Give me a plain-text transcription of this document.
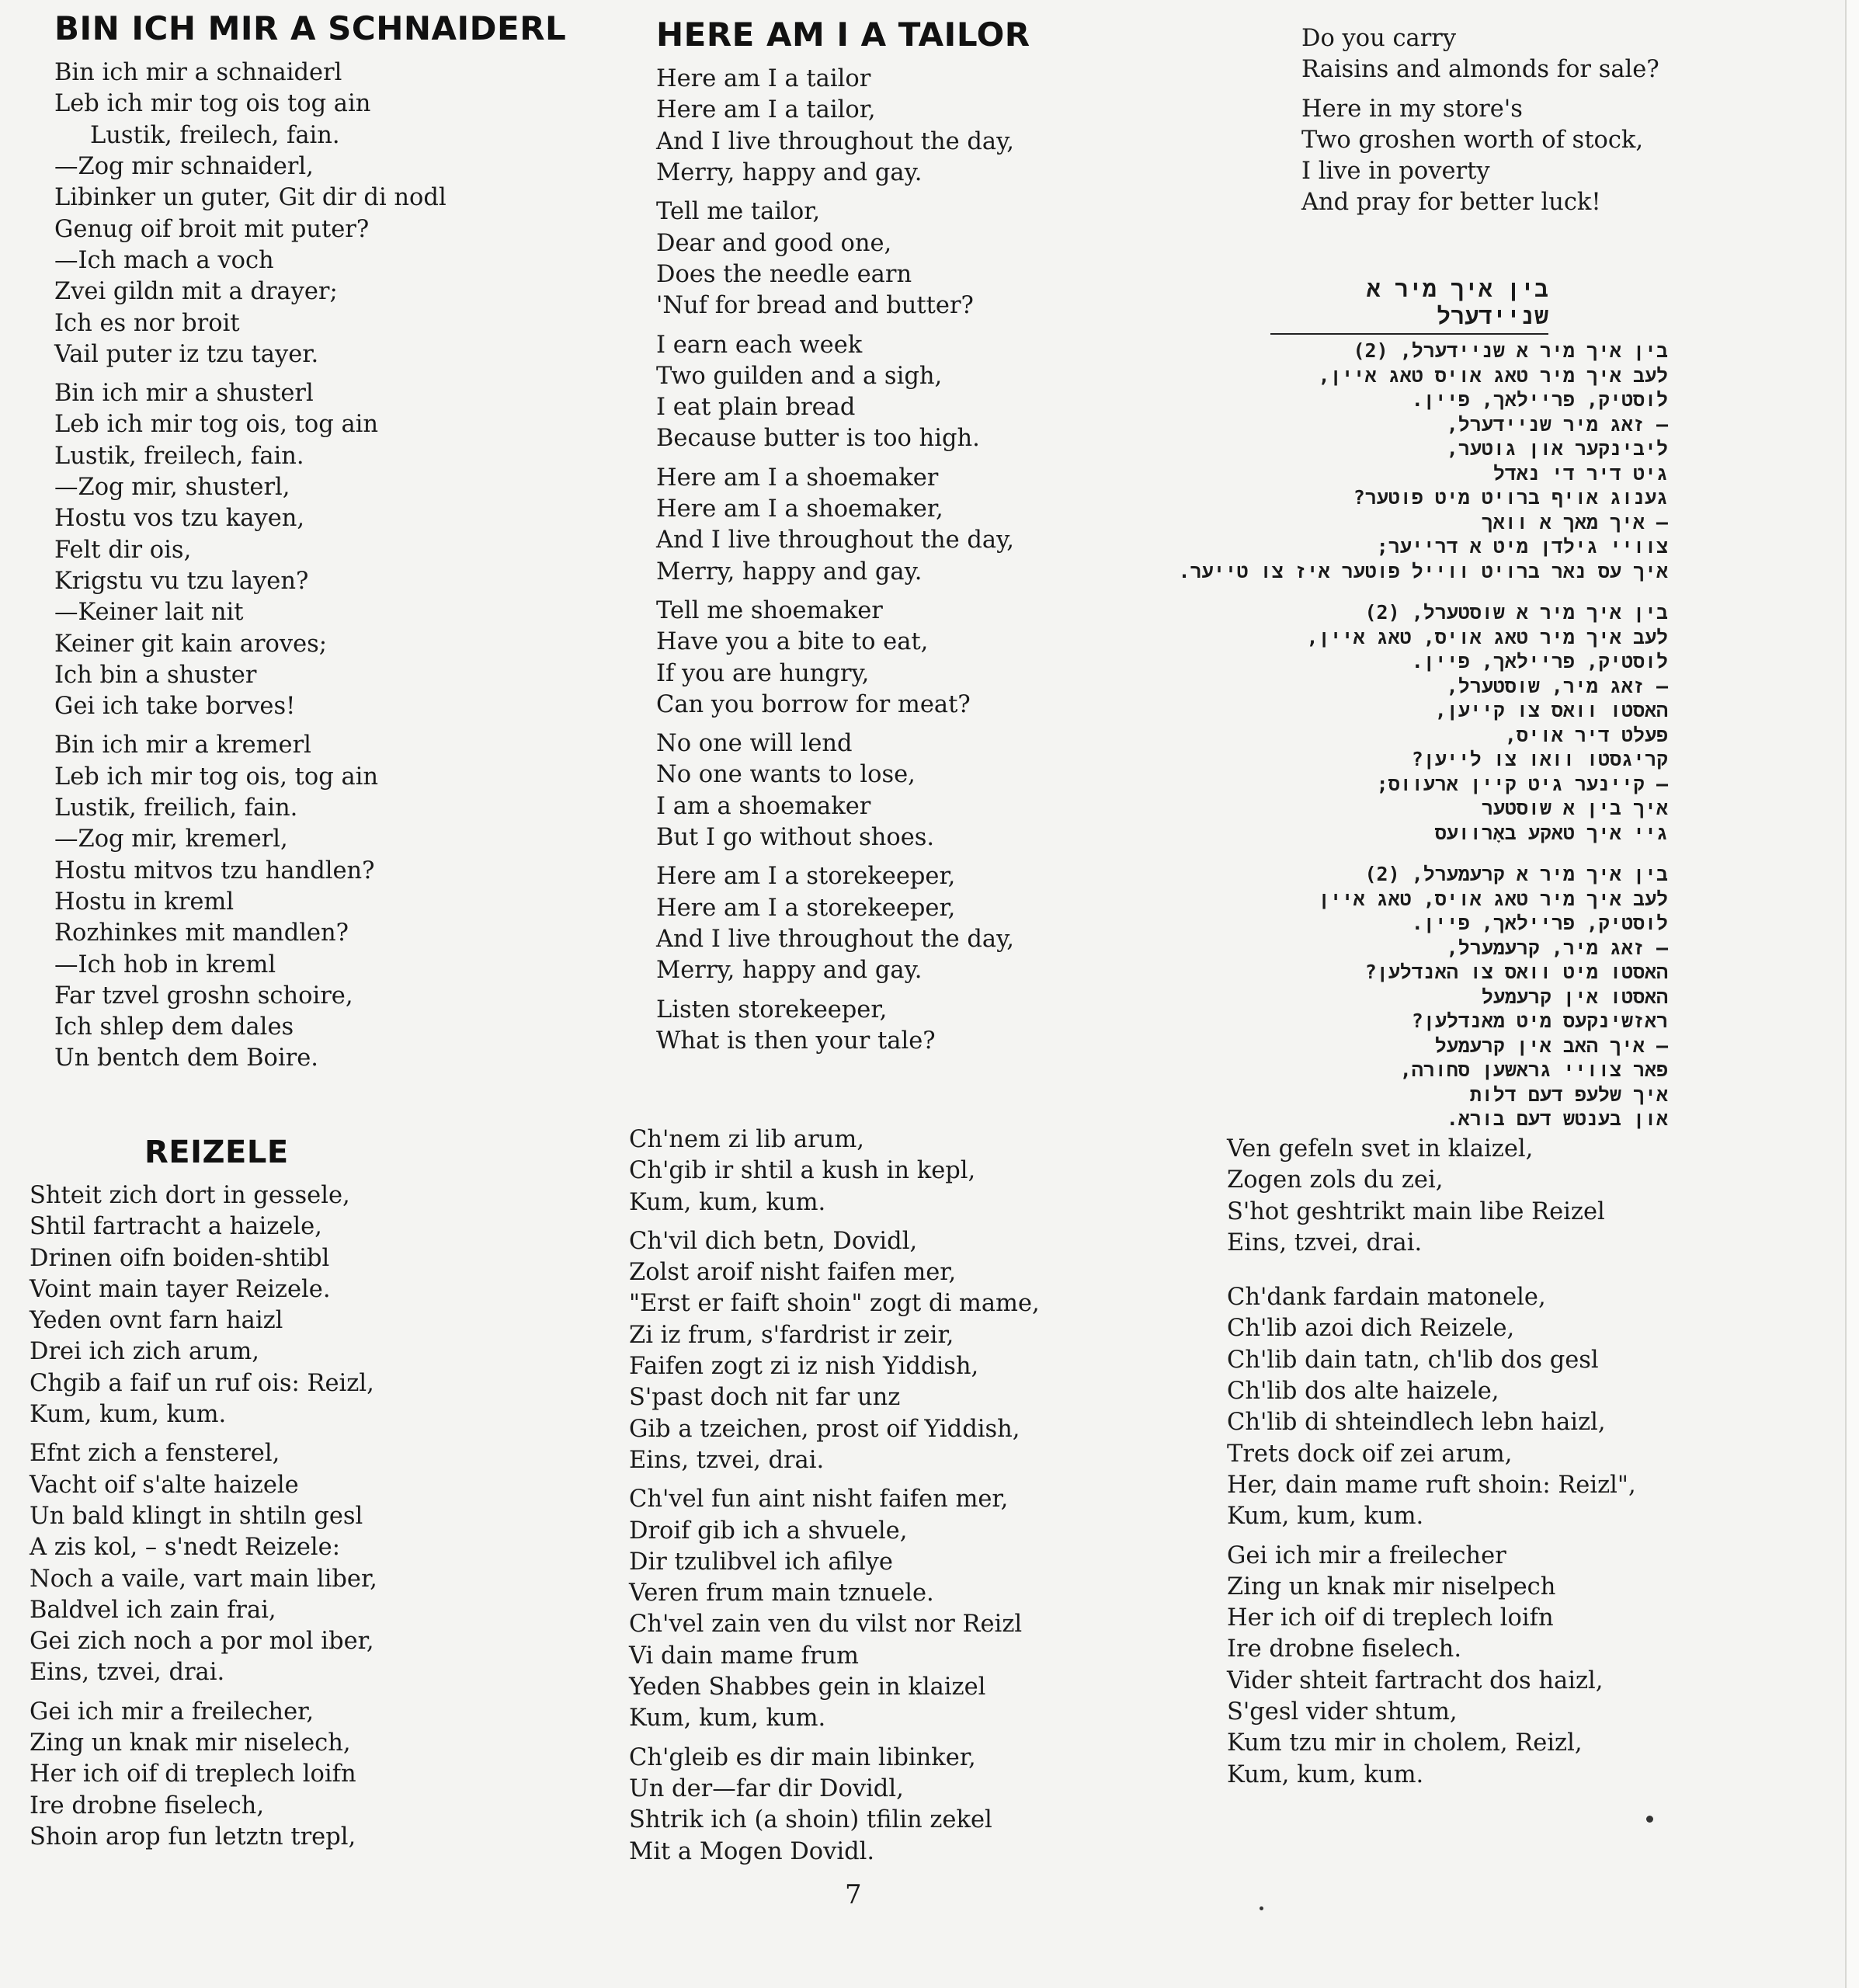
BIN ICH MIR A SCHNAIDERL
Bin ich mir a schnaiderl
Leb ich mir tog ois tog ain
Lustik, freilech, fain.
—Zog mir schnaiderl,
Libinker un guter, Git dir di nodl
Genug oif broit mit puter?
—Ich mach a voch
Zvei gildn mit a drayer;
Ich es nor broit
Vail puter iz tzu tayer.
Bin ich mir a shusterl
Leb ich mir tog ois, tog ain
Lustik, freilech, fain.
—Zog mir, shusterl,
Hostu vos tzu kayen,
Felt dir ois,
Krigstu vu tzu layen?
—Keiner lait nit
Keiner git kain aroves;
Ich bin a shuster
Gei ich take borves!
Bin ich mir a kremerl
Leb ich mir tog ois, tog ain
Lustik, freilich, fain.
—Zog mir, kremerl,
Hostu mitvos tzu handlen?
Hostu in kreml
Rozhinkes mit mandlen?
—Ich hob in kreml
Far tzvel groshn schoire,
Ich shlep dem dales
Un bentch dem Boire.
HERE AM I A TAILOR
Here am I a tailor
Here am I a tailor,
And I live throughout the day,
Merry, happy and gay.
Tell me tailor,
Dear and good one,
Does the needle earn
'Nuf for bread and butter?
I earn each week
Two guilden and a sigh,
I eat plain bread
Because butter is too high.
Here am I a shoemaker
Here am I a shoemaker,
And I live throughout the day,
Merry, happy and gay.
Tell me shoemaker
Have you a bite to eat,
If you are hungry,
Can you borrow for meat?
No one will lend
No one wants to lose,
I am a shoemaker
But I go without shoes.
Here am I a storekeeper,
Here am I a storekeeper,
And I live throughout the day,
Merry, happy and gay.
Listen storekeeper,
What is then your tale?
Do you carry
Raisins and almonds for sale?
Here in my store's
Two groshen worth of stock,
I live in poverty
And pray for better luck!
בין איך מיר א שניידערל
בין איך מיר א שניידערל, (2)
לעב איך מיר טאג אויס טאג איין,
לוסטיק, פריילאך, פיין.
— זאג מיר שניידערל,
ליבינקער און גוטער,
גיט דיר די נאדל
גענוג אויף ברויט מיט פוטער?
— איך מאך א וואך
צוויי גילדן מיט א דרייער;
איך עס נאר ברויט ווייל פוטער איז צו טייער.
בין איך מיר א שוסטערל, (2)
לעב איך מיר טאג אויס, טאג איין,
לוסטיק, פריילאך, פיין.
— זאג מיר, שוסטערל,
האסטו וואס צו קייען,
פעלט דיר אויס,
קריגסטו וואו צו לייען?
— קיינער גיט קיין ארעווס;
איך בין א שוסטער
גיי איך טאקע באָרוועס
בין איך מיר א קרעמערל, (2)
לעב איך מיר טאג אויס, טאג איין
לוסטיק, פריילאך, פיין.
— זאג מיר, קרעמערל,
האסטו מיט וואס צו האנדלען?
האסטו אין קרעמעל
ראזשינקעס מיט מאנדלען?
— איך האב אין קרעמעל
פאר צוויי גראשען סחורה,
איך שלעפ דעם דלות
און בענטש דעם בורא.
REIZELE
Shteit zich dort in gessele,
Shtil fartracht a haizele,
Drinen oifn boiden-shtibl
Voint main tayer Reizele.
Yeden ovnt farn haizl
Drei ich zich arum,
Chgib a faif un ruf ois: Reizl,
Kum, kum, kum.
Efnt zich a fensterel,
Vacht oif s'alte haizele
Un bald klingt in shtiln gesl
A zis kol, – s'nedt Reizele:
Noch a vaile, vart main liber,
Baldvel ich zain frai,
Gei zich noch a por mol iber,
Eins, tzvei, drai.
Gei ich mir a freilecher,
Zing un knak mir niselech,
Her ich oif di treplech loifn
Ire drobne fiselech,
Shoin arop fun letztn trepl,
Ch'nem zi lib arum,
Ch'gib ir shtil a kush in kepl,
Kum, kum, kum.
Ch'vil dich betn, Dovidl,
Zolst aroif nisht faifen mer,
"Erst er faift shoin" zogt di mame,
Zi iz frum, s'fardrist ir zeir,
Faifen zogt zi iz nish Yiddish,
S'past doch nit far unz
Gib a tzeichen, prost oif Yiddish,
Eins, tzvei, drai.
Ch'vel fun aint nisht faifen mer,
Droif gib ich a shvuele,
Dir tzulibvel ich afilye
Veren frum main tznuele.
Ch'vel zain ven du vilst nor Reizl
Vi dain mame frum
Yeden Shabbes gein in klaizel
Kum, kum, kum.
Ch'gleib es dir main libinker,
Un der—far dir Dovidl,
Shtrik ich (a shoin) tfilin zekel
Mit a Mogen Dovidl.
Ven gefeln svet in klaizel,
Zogen zols du zei,
S'hot geshtrikt main libe Reizel
Eins, tzvei, drai.
Ch'dank fardain matonele,
Ch'lib azoi dich Reizele,
Ch'lib dain tatn, ch'lib dos gesl
Ch'lib dos alte haizele,
Ch'lib di shteindlech lebn haizl,
Trets dock oif zei arum,
Her, dain mame ruft shoin: Reizl",
Kum, kum, kum.
Gei ich mir a freilecher
Zing un knak mir niselpech
Her ich oif di treplech loifn
Ire drobne fiselech.
Vider shteit fartracht dos haizl,
S'gesl vider shtum,
Kum tzu mir in cholem, Reizl,
Kum, kum, kum.
7
